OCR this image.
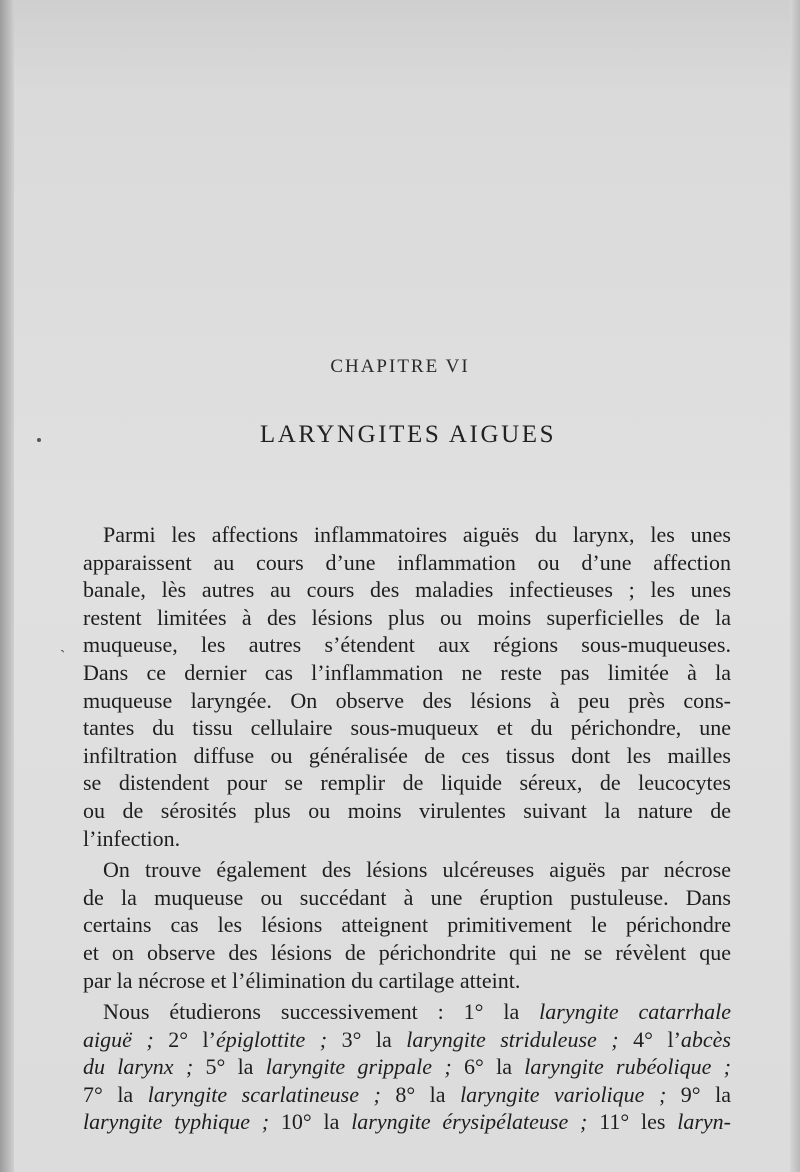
CHAPITRE VI
LARYNGITES AIGUES
ˏ

Parmi les affections inflammatoires aiguës du larynx, les unes
apparaissent au cours d’une inflammation ou d’une affection
banale, lès autres au cours des maladies infectieuses ; les unes
restent limitées à des lésions plus ou moins superficielles de la
muqueuse, les autres s’étendent aux régions sous-muqueuses.
Dans ce dernier cas l’inflammation ne reste pas limitée à la
muqueuse laryngée. On observe des lésions à peu près cons-
tantes du tissu cellulaire sous-muqueux et du périchondre, une
infiltration diffuse ou généralisée de ces tissus dont les mailles
se distendent pour se remplir de liquide séreux, de leucocytes
ou de sérosités plus ou moins virulentes suivant la nature de
l’infection.

On trouve également des lésions ulcéreuses aiguës par nécrose
de la muqueuse ou succédant à une éruption pustuleuse. Dans
certains cas les lésions atteignent primitivement le périchondre
et on observe des lésions de périchondrite qui ne se révèlent que
par la nécrose et l’élimination du cartilage atteint.

Nous étudierons successivement : 1° la laryngite catarrhale
aiguë ; 2° l’épiglottite ; 3° la laryngite striduleuse ; 4° l’abcès
du larynx ; 5° la laryngite grippale ; 6° la laryngite rubéolique ;
7° la laryngite scarlatineuse ; 8° la laryngite variolique ; 9° la
laryngite typhique ; 10° la laryngite érysipélateuse ; 11° les laryn-
